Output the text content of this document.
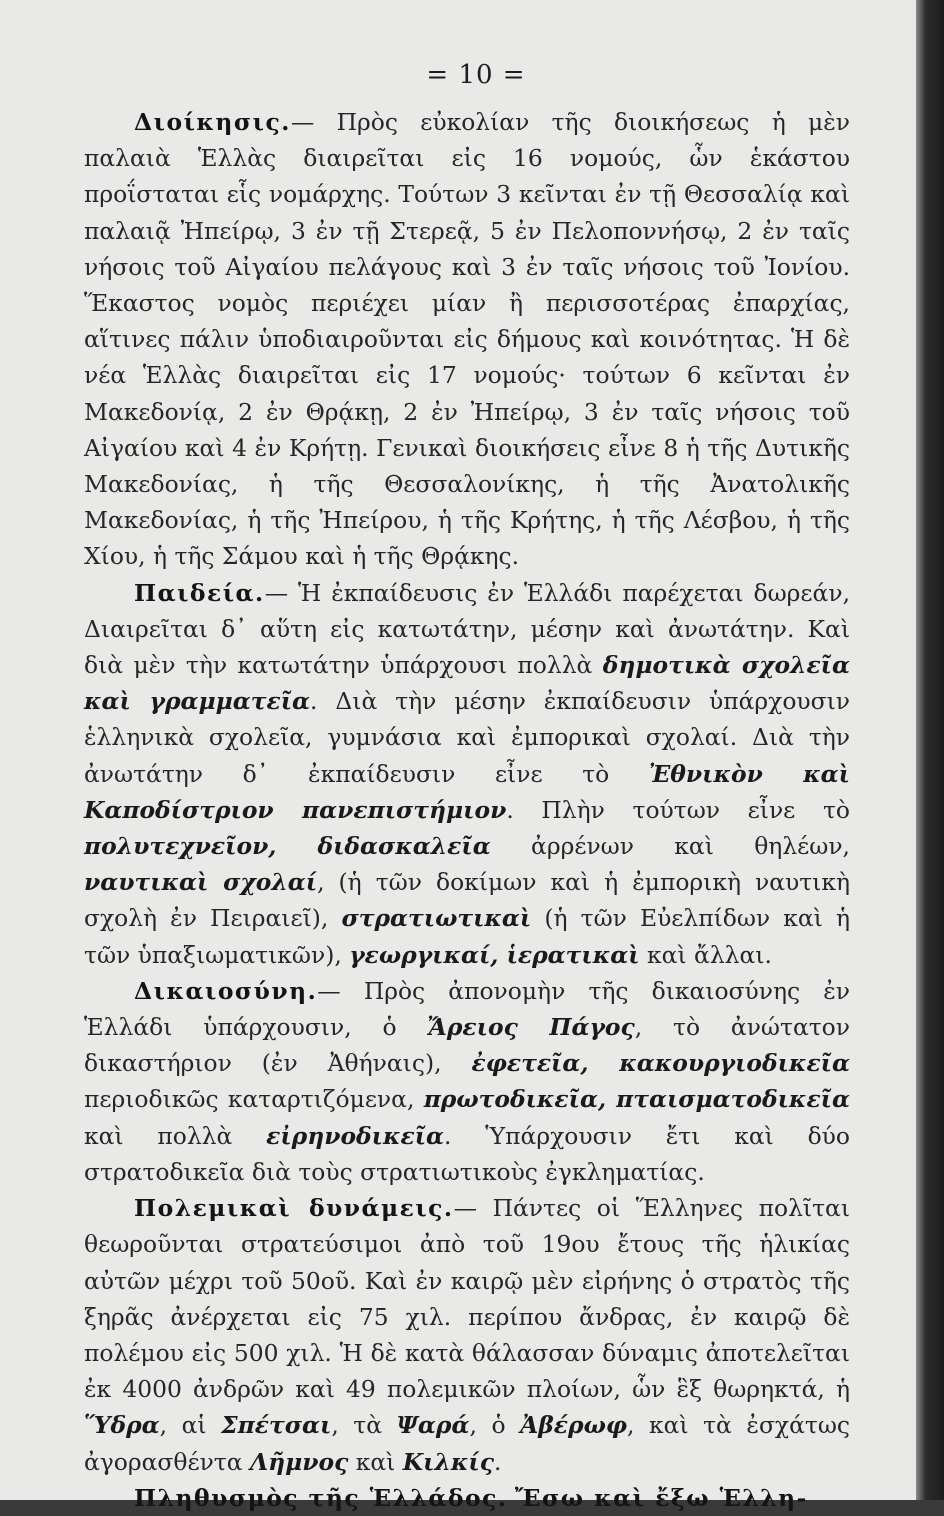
= 10 =

Διοίκησις.— Πρὸς εὐκολίαν τῆς διοικήσεως ἡ μὲν παλαιὰ Ἑλλὰς διαιρεῖται εἰς 16 νομούς, ὧν ἑκάστου προΐσταται εἷς νομάρχης. Τούτων 3 κεῖνται ἐν τῇ Θεσσαλίᾳ καὶ παλαιᾷ Ἠπείρῳ, 3 ἐν τῇ Στερεᾷ, 5 ἐν Πελοποννήσῳ, 2 ἐν ταῖς νήσοις τοῦ Αἰγαίου πελάγους καὶ 3 ἐν ταῖς νήσοις τοῦ Ἰονίου. Ἕκαστος νομὸς περιέχει μίαν ἢ περισσοτέρας ἐπαρχίας, αἵτινες πάλιν ὑποδιαιροῦνται εἰς δήμους καὶ κοινότητας. Ἡ δὲ νέα Ἑλλὰς διαιρεῖται εἰς 17 νομούς· τούτων 6 κεῖνται ἐν Μακεδονίᾳ, 2 ἐν Θρᾴκῃ, 2 ἐν Ἠπείρῳ, 3 ἐν ταῖς νήσοις τοῦ Αἰγαίου καὶ 4 ἐν Κρήτῃ. Γενικαὶ διοικήσεις εἶνε 8 ἡ τῆς Δυτικῆς Μακεδονίας, ἡ τῆς Θεσσαλονίκης, ἡ τῆς Ἀνατολικῆς Μακεδονίας, ἡ τῆς Ἠπείρου, ἡ τῆς Κρήτης, ἡ τῆς Λέσβου, ἡ τῆς Χίου, ἡ τῆς Σάμου καὶ ἡ τῆς Θρᾴκης.

Παιδεία.— Ἡ ἐκπαίδευσις ἐν Ἑλλάδι παρέχεται δωρεάν, Διαιρεῖται δ᾽ αὕτη εἰς κατωτάτην, μέσην καὶ ἀνωτάτην. Καὶ διὰ μὲν τὴν κατωτάτην ὑπάρχουσι πολλὰ δημοτικὰ σχολεῖα καὶ γραμματεῖα. Διὰ τὴν μέσην ἐκπαίδευσιν ὑπάρχουσιν ἑλληνικὰ σχολεῖα, γυμνάσια καὶ ἐμπορικαὶ σχολαί. Διὰ τὴν ἀνωτάτην δ᾽ ἐκπαίδευσιν εἶνε τὸ Ἐθνικὸν καὶ Καποδίστριον πανεπιστήμιον. Πλὴν τούτων εἶνε τὸ πολυτεχνεῖον, διδασκαλεῖα ἀρρένων καὶ θηλέων, ναυτικαὶ σχολαί, (ἡ τῶν δοκίμων καὶ ἡ ἐμπορικὴ ναυτικὴ σχολὴ ἐν Πειραιεῖ), στρατιωτικαὶ (ἡ τῶν Εὐελπίδων καὶ ἡ τῶν ὑπαξιωματικῶν), γεωργικαί, ἱερατικαὶ καὶ ἄλλαι.

Δικαιοσύνη.— Πρὸς ἀπονομὴν τῆς δικαιοσύνης ἐν Ἑλλάδι ὑπάρχουσιν, ὁ Ἄρειος Πάγος, τὸ ἀνώτατον δικαστήριον (ἐν Ἀθήναις), ἐφετεῖα, κακουργιοδικεῖα περιοδικῶς καταρτιζόμενα, πρωτοδικεῖα, πταισματοδικεῖα καὶ πολλὰ εἰρηνοδικεῖα. Ὑπάρχουσιν ἔτι καὶ δύο στρατοδικεῖα διὰ τοὺς στρατιωτικοὺς ἐγκληματίας.

Πολεμικαὶ δυνάμεις.— Πάντες οἱ Ἕλληνες πολῖται θεωροῦνται στρατεύσιμοι ἀπὸ τοῦ 19ου ἔτους τῆς ἡλικίας αὐτῶν μέχρι τοῦ 50οῦ. Καὶ ἐν καιρῷ μὲν εἰρήνης ὁ στρατὸς τῆς ξηρᾶς ἀνέρχεται εἰς 75 χιλ. περίπου ἄνδρας, ἐν καιρῷ δὲ πολέμου εἰς 500 χιλ. Ἡ δὲ κατὰ θάλασσαν δύναμις ἀποτελεῖται ἐκ 4000 ἀνδρῶν καὶ 49 πολεμικῶν πλοίων, ὧν ἓξ θωρηκτά, ἡ Ὕδρα, αἱ Σπέτσαι, τὰ Ψαρά, ὁ Ἀβέρωφ, καὶ τὰ ἐσχάτως ἀγορασθέντα Λῆμνος καὶ Κιλκίς.

Πληθυσμὸς τῆς Ἑλλάδος. Ἔσω καὶ ἔξω Ἑλλη-
